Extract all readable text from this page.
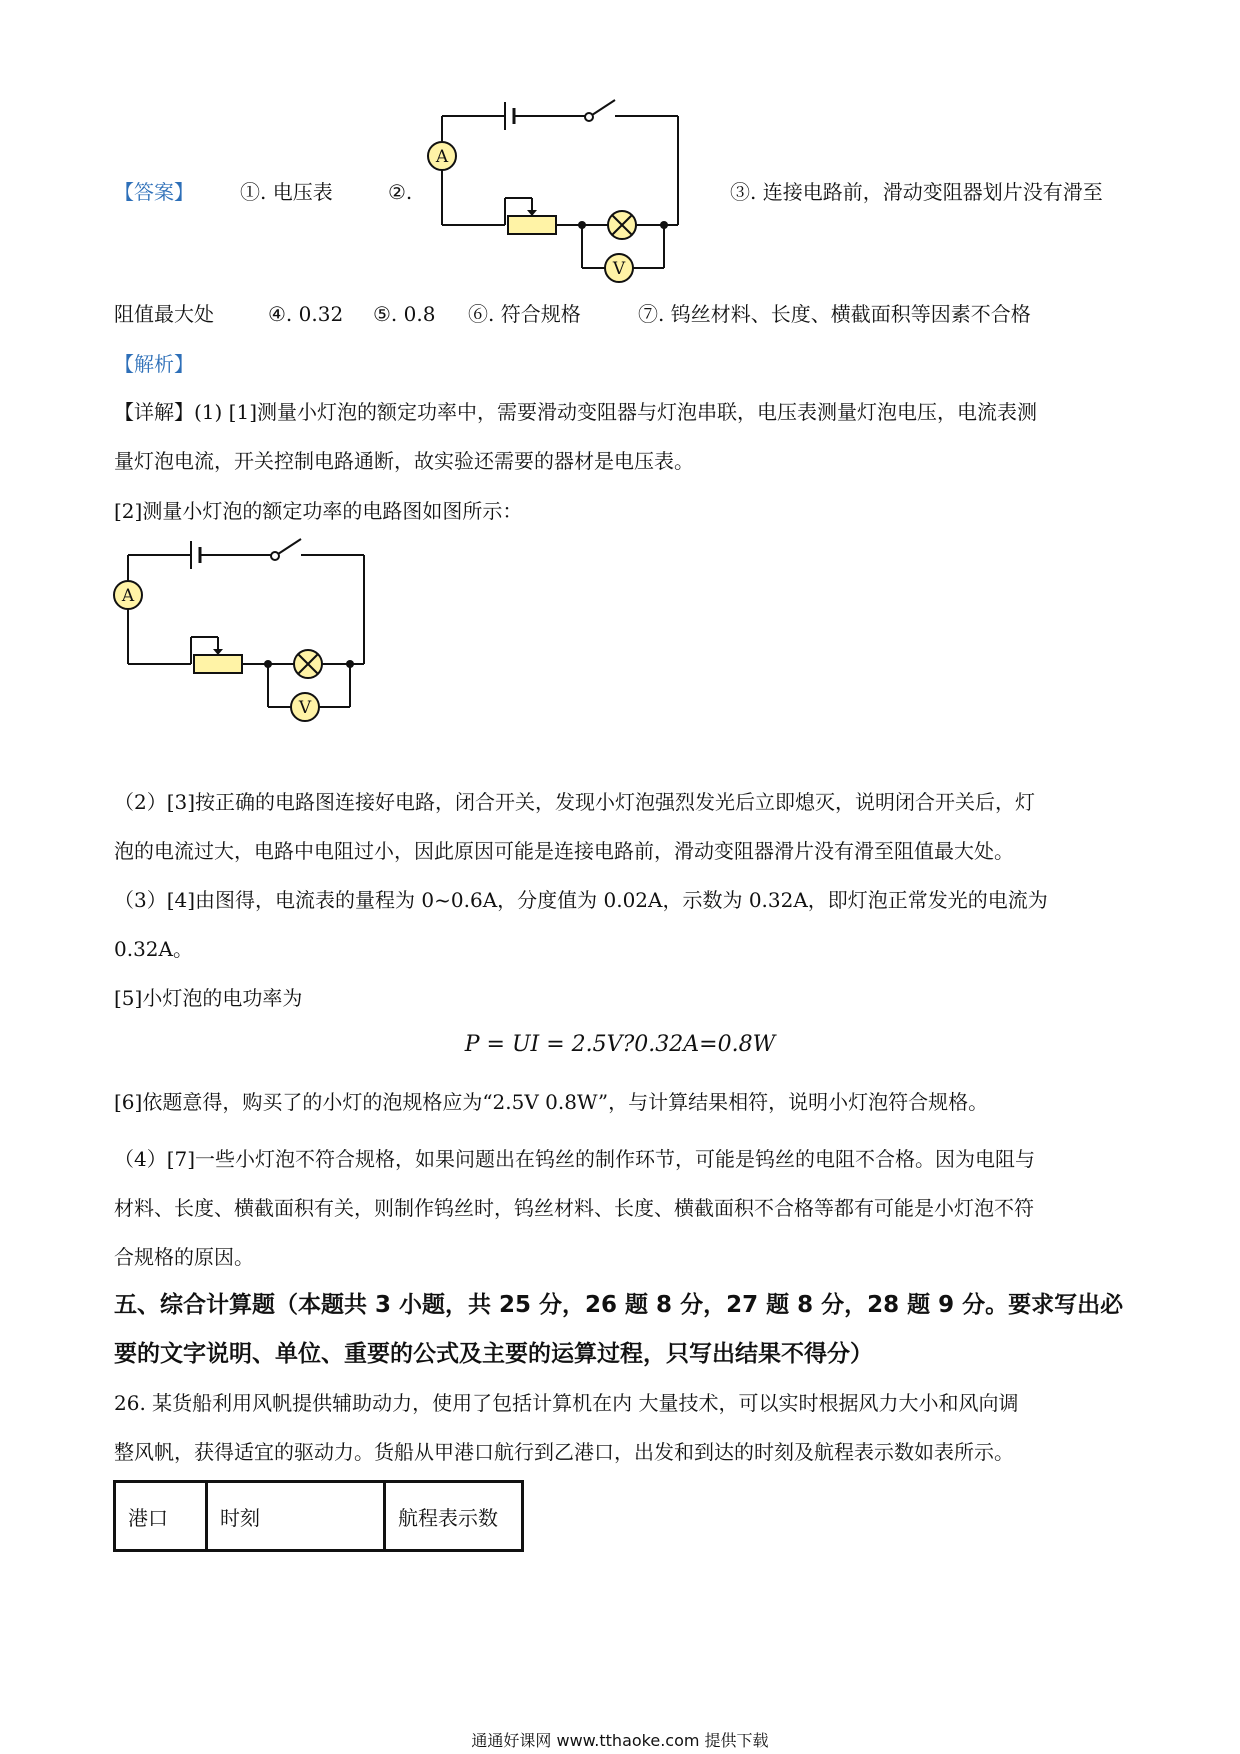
【答案】 ①. 电压表	②.	③. 连接电路前，滑动变阻器划片没有滑至
A
V
阻值最大处	④. 0.32 ⑤. 0.8 ⑥. 符合规格	⑦. 钨丝材料、长度、横截面积等因素不合格
【解析】
【详解】(1) [1]测量小灯泡的额定功率中，需要滑动变阻器与灯泡串联，电压表测量灯泡电压，电流表测
量灯泡电流，开关控制电路通断，故实验还需要的器材是电压表。
[2]测量小灯泡的额定功率的电路图如图所示：
A
V
（2）[3]按正确的电路图连接好电路，闭合开关，发现小灯泡强烈发光后立即熄灭，说明闭合开关后，灯
泡的电流过大，电路中电阻过小，因此原因可能是连接电路前，滑动变阻器滑片没有滑至阻值最大处。
（3）[4]由图得，电流表的量程为 0~0.6A，分度值为 0.02A，示数为 0.32A，即灯泡正常发光的电流为
0.32A。
[5]小灯泡的电功率为
P = UI = 2.5V?0.32A=0.8W
[6]依题意得，购买了的小灯的泡规格应为“2.5V 0.8W”，与计算结果相符，说明小灯泡符合规格。
（4）[7]一些小灯泡不符合规格，如果问题出在钨丝的制作环节，可能是钨丝的电阻不合格。因为电阻与
材料、长度、横截面积有关，则制作钨丝时，钨丝材料、长度、横截面积不合格等都有可能是小灯泡不符
合规格的原因。
五、综合计算题（本题共 3 小题，共 25 分，26 题 8 分，27 题 8 分，28 题 9 分。要求写出必
要的文字说明、单位、重要的公式及主要的运算过程，只写出结果不得分）
26. 某货船利用风帆提供辅助动力，使用了包括计算机在内 大量技术，可以实时根据风力大小和风向调
整风帆，获得适宜的驱动力。货船从甲港口航行到乙港口，出发和到达的时刻及航程表示数如表所示。
港口	时刻	航程表示数
通通好课网 www.tthaoke.com 提供下载
